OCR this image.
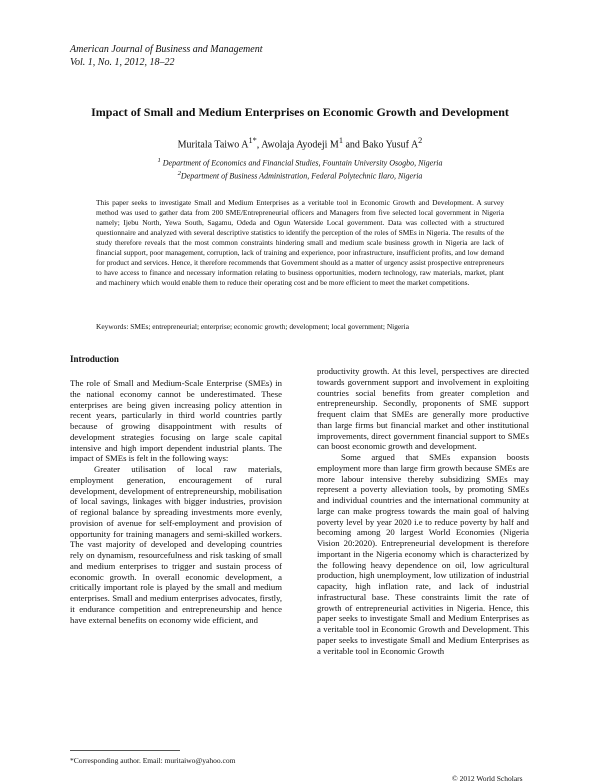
American Journal of Business and Management
Vol. 1, No. 1, 2012, 18–22
Impact of Small and Medium Enterprises on Economic Growth and Development
Muritala Taiwo $A^{1*}$, Awolaja Ayodeji $M^1$ and Bako Yusuf $A^2$
$^1$ Department of Economics and Financial Studies, Fountain University Osogbo, Nigeria
$^2$Department of Business Administration, Federal Polytechnic Ilaro, Nigeria
This paper seeks to investigate Small and Medium Enterprises as a veritable tool in Economic Growth and Development. A survey method was used to gather data from 200 SME/Entrepreneurial officers and Managers from five selected local government in Nigeria namely; Ijebu North, Yewa South, Sagamu, Odeda and Ogun Waterside Local government. Data was collected with a structured questionnaire and analyzed with several descriptive statistics to identify the perception of the roles of SMEs in Nigeria. The results of the study therefore reveals that the most common constraints hindering small and medium scale business growth in Nigeria are lack of financial support, poor management, corruption, lack of training and experience, poor infrastructure, insufficient profits, and low demand for product and services. Hence, it therefore recommends that Government should as a matter of urgency assist prospective entrepreneurs to have access to finance and necessary information relating to business opportunities, modern technology, raw materials, market, plant and machinery which would enable them to reduce their operating cost and be more efficient to meet the market competitions.
Keywords: SMEs; entrepreneurial; enterprise; economic growth; development; local government; Nigeria
Introduction

The role of Small and Medium-Scale Enterprise (SMEs) in the national economy cannot be underestimated. These enterprises are being given increasing policy attention in recent years, particularly in third world countries partly because of growing disappointment with results of development strategies focusing on large scale capital intensive and high import dependent industrial plants. The impact of SMEs is felt in the following ways:

Greater utilisation of local raw materials, employment generation, encouragement of rural development, development of entrepreneurship, mobilisation of local savings, linkages with bigger industries, provision of regional balance by spreading investments more evenly, provision of avenue for self-employment and provision of opportunity for training managers and semi-skilled workers. The vast majority of developed and developing countries rely on dynamism, resourcefulness and risk tasking of small and medium enterprises to trigger and sustain process of economic growth. In overall economic development, a critically important role is played by the small and medium enterprises. Small and medium enterprises advocates, firstly, it endurance competition and entrepreneurship and hence have external benefits on economy wide efficient, and

productivity growth. At this level, perspectives are directed towards government support and involvement in exploiting countries social benefits from greater completion and entrepreneurship. Secondly, proponents of SME support frequent claim that SMEs are generally more productive than large firms but financial market and other institutional improvements, direct government financial support to SMEs can boost economic growth and development.

Some argued that SMEs expansion boosts employment more than large firm growth because SMEs are more labour intensive thereby subsidizing SMEs may represent a poverty alleviation tools, by promoting SMEs and individual countries and the international community at large can make progress towards the main goal of halving poverty level by year 2020 i.e to reduce poverty by half and becoming among 20 largest World Economies (Nigeria Vision 20:2020). Entrepreneurial development is therefore important in the Nigeria economy which is characterized by the following heavy dependence on oil, low agricultural production, high unemployment, low utilization of industrial capacity, high inflation rate, and lack of industrial infrastructural base. These constraints limit the rate of growth of entrepreneurial activities in Nigeria. Hence, this paper seeks to investigate Small and Medium Enterprises as a veritable tool in Economic Growth and Development. This paper seeks to investigate Small and Medium Enterprises as a veritable tool in Economic Growth

*Corresponding author. Email: muritaiwo@yahoo.com
© 2012 World Scholars
